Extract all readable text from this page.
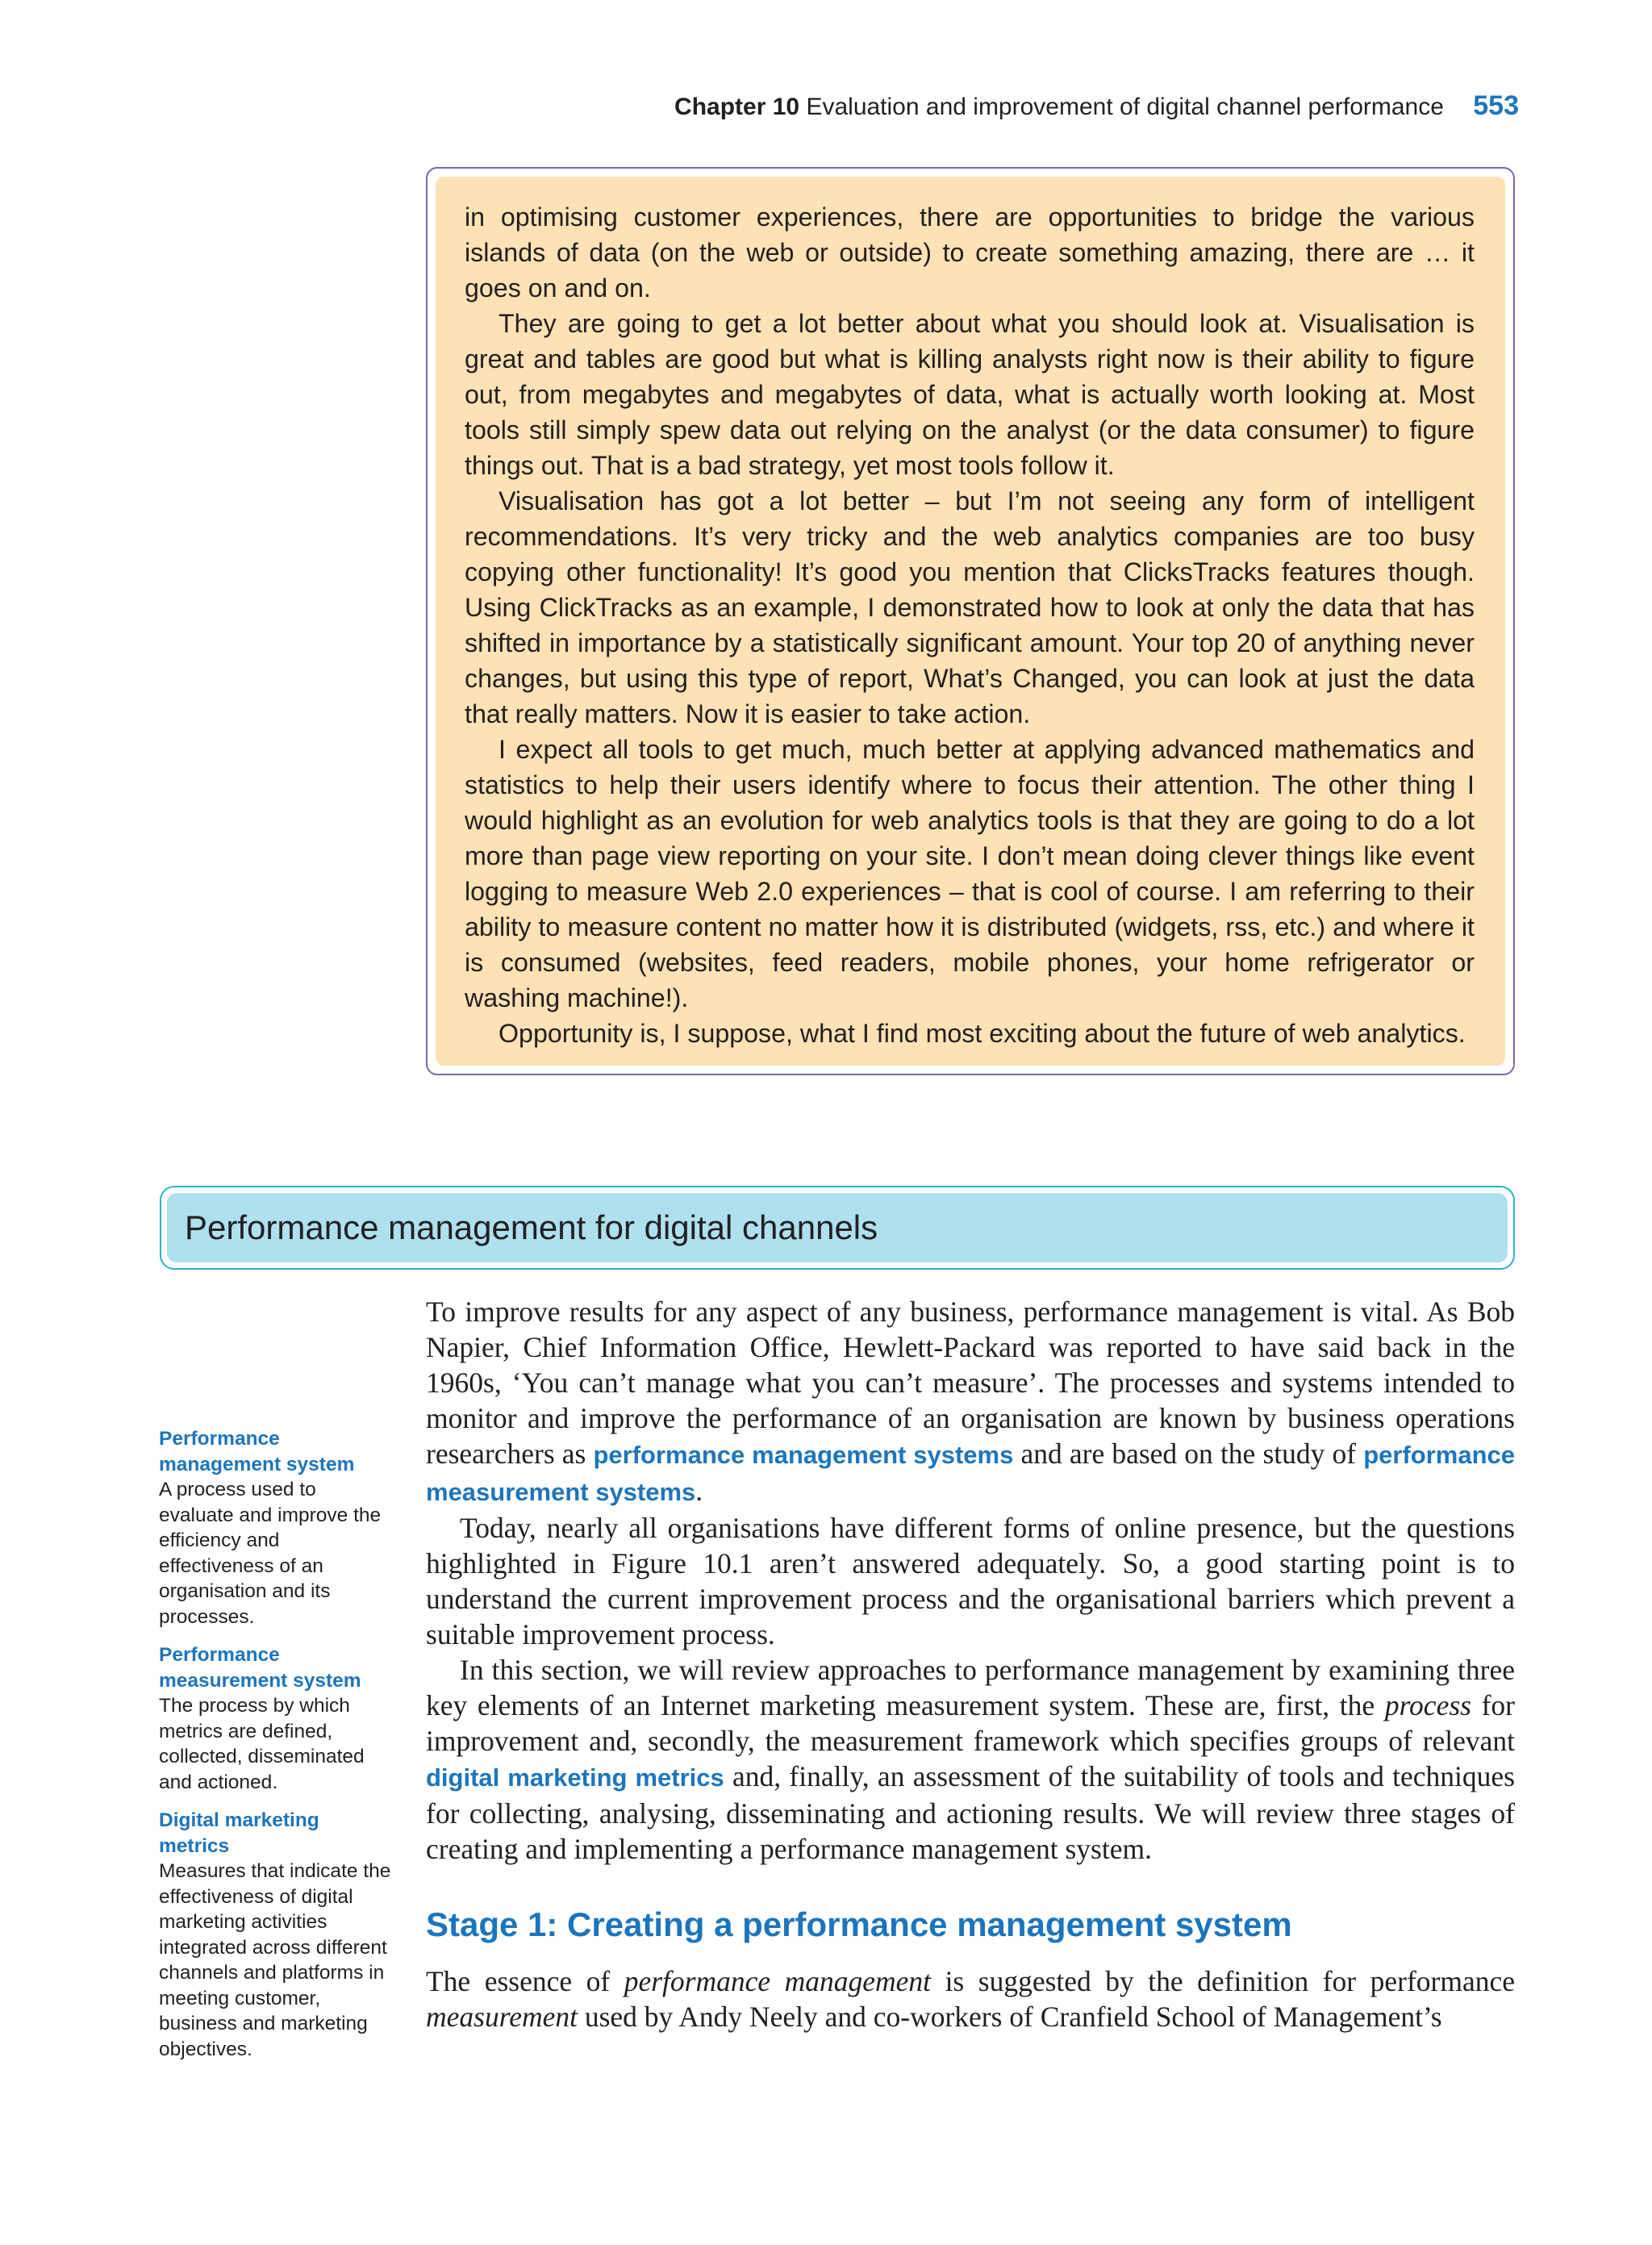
Chapter 10 Evaluation and improvement of digital channel performance 553

in optimising customer experiences, there are opportunities to bridge the various islands of data (on the web or outside) to create something amazing, there are … it goes on and on.

They are going to get a lot better about what you should look at. Visualisation is great and tables are good but what is killing analysts right now is their ability to figure out, from megabytes and megabytes of data, what is actually worth looking at. Most tools still simply spew data out relying on the analyst (or the data consumer) to figure things out. That is a bad strategy, yet most tools follow it.

Visualisation has got a lot better – but I’m not seeing any form of intelligent recommendations. It’s very tricky and the web analytics companies are too busy copying other functionality! It’s good you mention that ClicksTracks features though. Using ClickTracks as an example, I demonstrated how to look at only the data that has shifted in importance by a statistically significant amount. Your top 20 of anything never changes, but using this type of report, What’s Changed, you can look at just the data that really matters. Now it is easier to take action.

I expect all tools to get much, much better at applying advanced mathematics and statistics to help their users identify where to focus their attention. The other thing I would highlight as an evolution for web analytics tools is that they are going to do a lot more than page view reporting on your site. I don’t mean doing clever things like event logging to measure Web 2.0 experiences – that is cool of course. I am referring to their ability to measure content no matter how it is distributed (widgets, rss, etc.) and where it is consumed (websites, feed readers, mobile phones, your home refrigerator or washing machine!).

Opportunity is, I suppose, what I find most exciting about the future of web analytics.

Performance management for digital channels
Performance management system
A process used to evaluate and improve the efficiency and effectiveness of an organisation and its processes.
Performance measurement system
The process by which metrics are defined, collected, disseminated and actioned.
Digital marketing metrics
Measures that indicate the effectiveness of digital marketing activities integrated across different channels and platforms in meeting customer, business and marketing objectives.

To improve results for any aspect of any business, performance management is vital. As Bob Napier, Chief Information Office, Hewlett-Packard was reported to have said back in the 1960s, ‘You can’t manage what you can’t measure’. The processes and systems intended to monitor and improve the performance of an organisation are known by business operations researchers as performance management systems and are based on the study of performance measurement systems.

Today, nearly all organisations have different forms of online presence, but the questions highlighted in Figure 10.1 aren’t answered adequately. So, a good starting point is to understand the current improvement process and the organisational barriers which prevent a suitable improvement process.

In this section, we will review approaches to performance management by examining three key elements of an Internet marketing measurement system. These are, first, the process for improvement and, secondly, the measurement framework which specifies groups of relevant digital marketing metrics and, finally, an assessment of the suitability of tools and techniques for collecting, analysing, disseminating and actioning results. We will review three stages of creating and implementing a performance management system.

Stage 1: Creating a performance management system

The essence of performance management is suggested by the definition for performance measurement used by Andy Neely and co-workers of Cranfield School of Management’s
